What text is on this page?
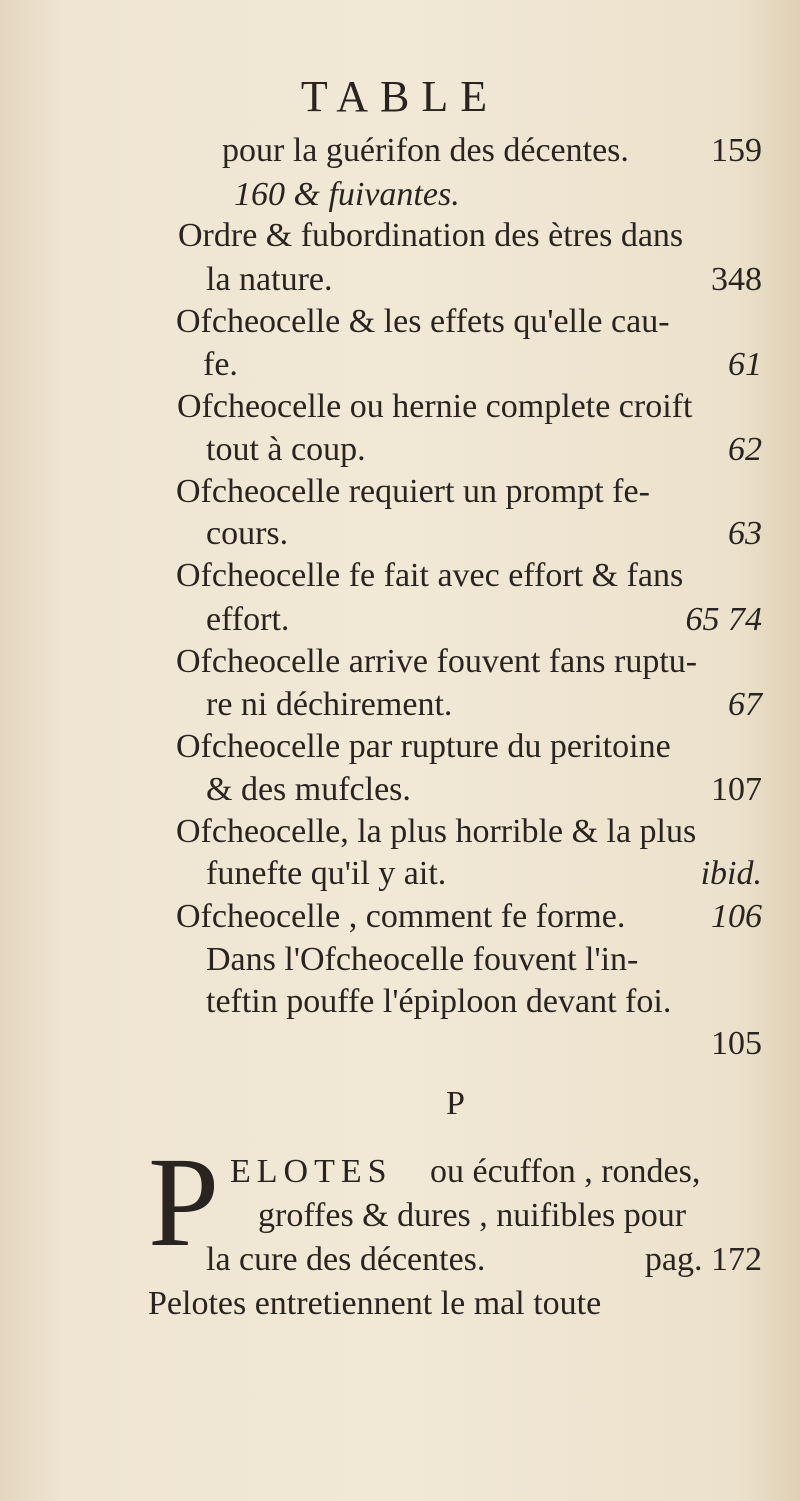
TABLE
pour la guérifon des décentes. 159
160 & fuivantes.
Ordre & fubordination des ètres dans
la nature.	348
Ofcheocelle & les effets qu'elle cau-
fe.	61
Ofcheocelle ou hernie complete croift
tout à coup.	62
Ofcheocelle requiert un prompt fe-
cours.	63
Ofcheocelle fe fait avec effort & fans
effort.	65 74
Ofcheocelle arrive fouvent fans ruptu-
re ni déchirement.	67
Ofcheocelle par rupture du peritoine
& des mufcles.	107
Ofcheocelle, la plus horrible & la plus
funefte qu'il y ait.	ibid.
Ofcheocelle , comment fe forme.	106
Dans l'Ofcheocelle fouvent l'in-
teftin pouffe l'épiploon devant foi.
105
P
P ELOTES ou écuffon , rondes,
groffes & dures , nuifibles pour
la cure des décentes.	pag. 172
Pelotes entretiennent le mal toute
